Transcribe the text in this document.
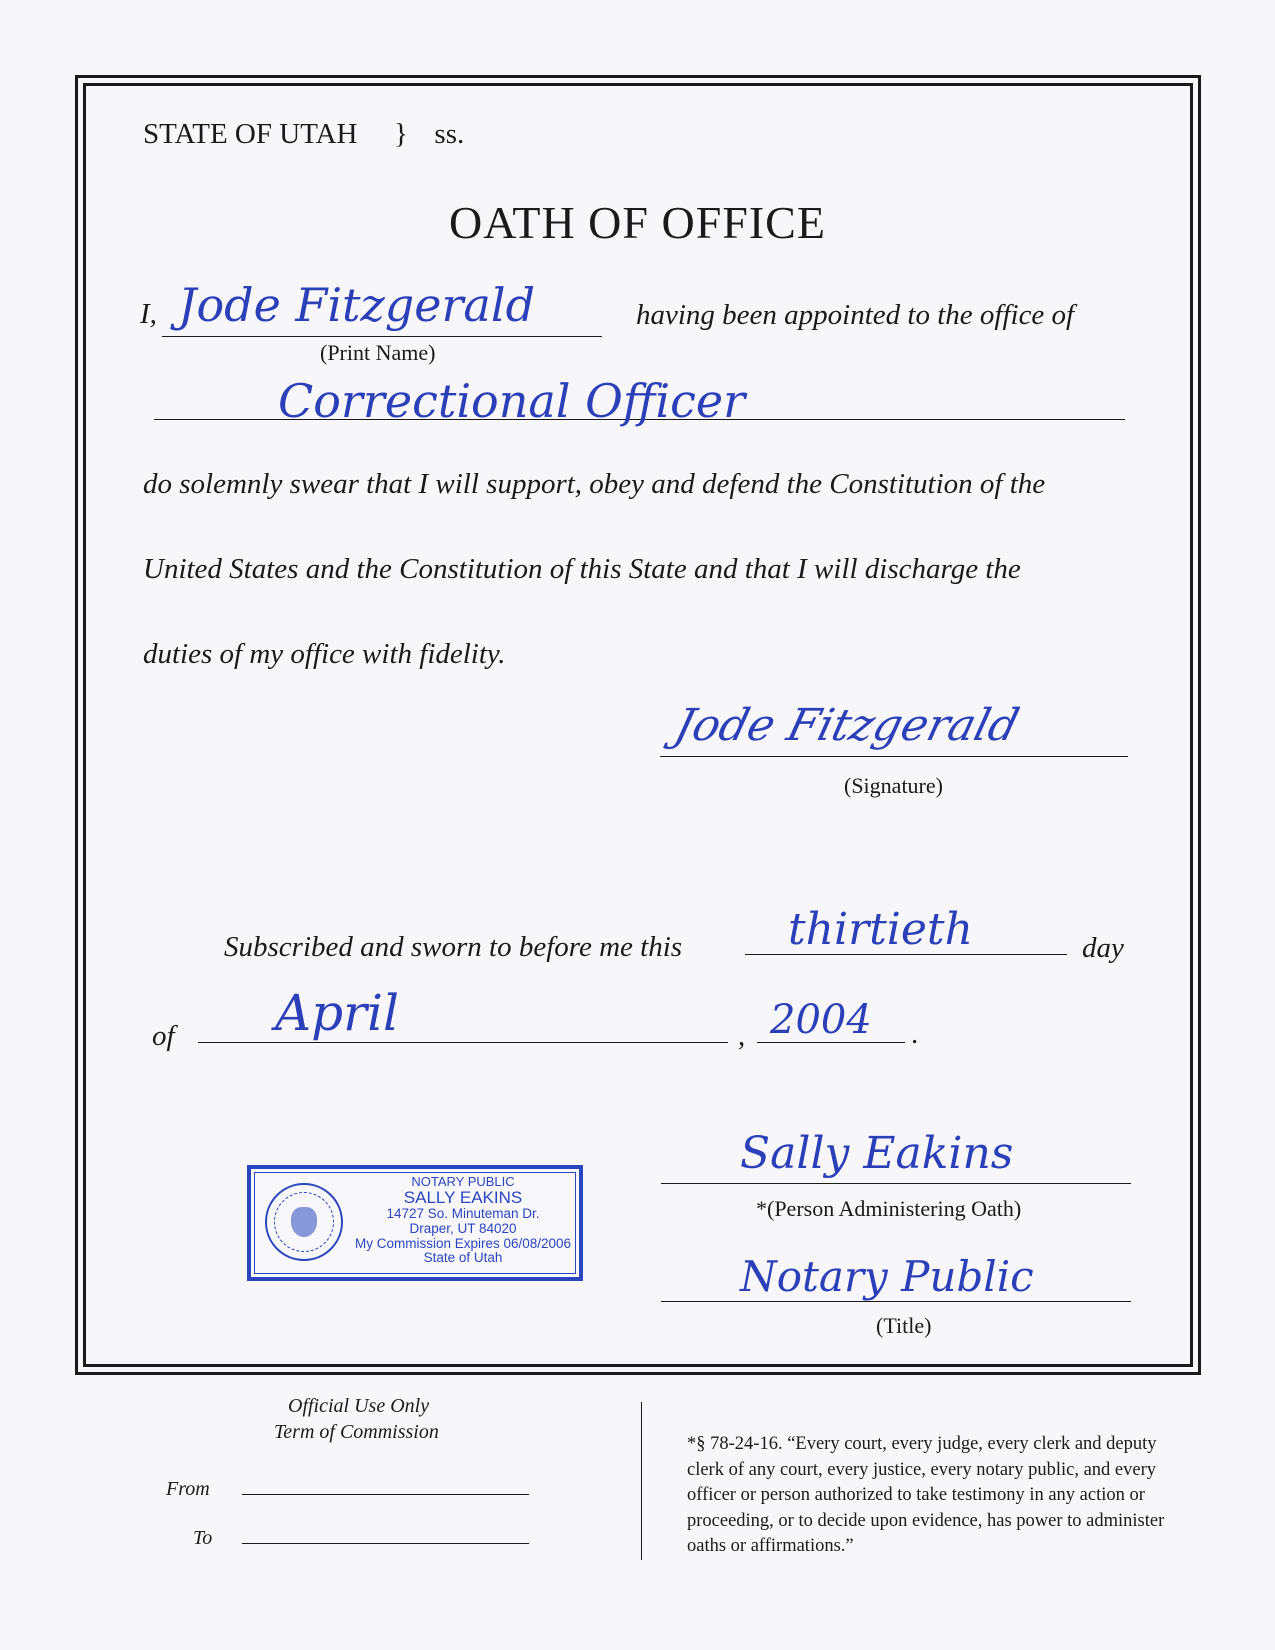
STATE OF UTAH } ss.
OATH OF OFFICE
I, Jode Fitzgerald
(Print Name)
having been appointed to the office of
Correctional Officer
do solemnly swear that I will support, obey and defend the Constitution of the
United States and the Constitution of this State and that I will discharge the
duties of my office with fidelity.
Jode Fitzgerald
(Signature)
Subscribed and sworn to before me this thirtieth	day
of April	, 2004 .
NOTARY PUBLIC
SALLY EAKINS
14727 So. Minuteman Dr.
Draper, UT 84020
My Commission Expires 06/08/2006
State of Utah
Sally Eakins
*(Person Administering Oath)
Notary Public
(Title)
Official Use Only
Term of Commission
From
To
*§ 78-24-16. “Every court, every judge, every clerk and deputy clerk of any court, every justice, every notary public, and every officer or person authorized to take testimony in any action or proceeding, or to decide upon evidence, has power to administer oaths or affirmations.”
